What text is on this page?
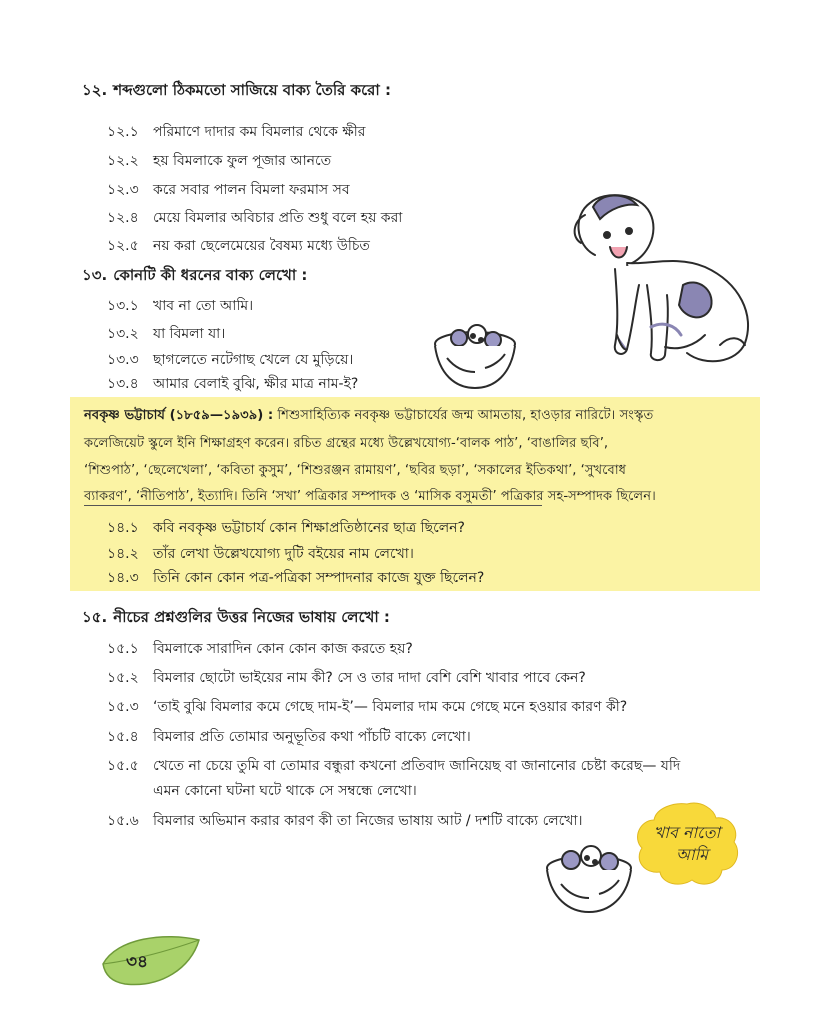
১২. শব্দগুলো ঠিকমতো সাজিয়ে বাক্য তৈরি করো :
১২.১ পরিমাণে দাদার কম বিমলার থেকে ক্ষীর
১২.২ হয় বিমলাকে ফুল পূজার আনতে
১২.৩ করে সবার পালন বিমলা ফরমাস সব
১২.৪ মেয়ে বিমলার অবিচার প্রতি শুধু বলে হয় করা
১২.৫ নয় করা ছেলেমেয়ের বৈষম্য মধ্যে উচিত
১৩. কোনটি কী ধরনের বাক্য লেখো :
১৩.১ খাব না তো আমি।
১৩.২ যা বিমলা যা।
১৩.৩ ছাগলেতে নটেগাছ খেলে যে মুড়িয়ে।
১৩.৪ আমার বেলাই বুঝি, ক্ষীর মাত্র নাম-ই?
নবকৃষ্ণ ভট্টাচার্য (১৮৫৯—১৯৩৯) : শিশুসাহিত্যিক নবকৃষ্ণ ভট্টাচার্যের জন্ম আমতায়, হাওড়ার নারিটে। সংস্কৃত
কলেজিয়েট স্কুলে ইনি শিক্ষাগ্রহণ করেন। রচিত গ্রন্থের মধ্যে উল্লেখযোগ্য-‘বালক পাঠ’, ‘বাঙালির ছবি’,
‘শিশুপাঠ’, ‘ছেলেখেলা’, ‘কবিতা কুসুম’, ‘শিশুরঞ্জন রামায়ণ’, ‘ছবির ছড়া’, ‘সকালের ইতিকথা’, ‘সুখবোধ
ব্যাকরণ’, ‘নীতিপাঠ’, ইত্যাদি। তিনি ‘সখা’ পত্রিকার সম্পাদক ও ‘মাসিক বসুমতী’ পত্রিকার সহ-সম্পাদক ছিলেন।
১৪.১ কবি নবকৃষ্ণ ভট্টাচার্য কোন শিক্ষাপ্রতিষ্ঠানের ছাত্র ছিলেন?
১৪.২ তাঁর লেখা উল্লেখযোগ্য দুটি বইয়ের নাম লেখো।
১৪.৩ তিনি কোন কোন পত্র-পত্রিকা সম্পাদনার কাজে যুক্ত ছিলেন?
১৫. নীচের প্রশ্নগুলির উত্তর নিজের ভাষায় লেখো :
১৫.১ বিমলাকে সারাদিন কোন কোন কাজ করতে হয়?
১৫.২ বিমলার ছোটো ভাইয়ের নাম কী? সে ও তার দাদা বেশি বেশি খাবার পাবে কেন?
১৫.৩ ‘তাই বুঝি বিমলার কমে গেছে দাম-ই’— বিমলার দাম কমে গেছে মনে হওয়ার কারণ কী?
১৫.৪ বিমলার প্রতি তোমার অনুভূতির কথা পাঁচটি বাক্যে লেখো।
১৫.৫ খেতে না চেয়ে তুমি বা তোমার বন্ধুরা কখনো প্রতিবাদ জানিয়েছ বা জানানোর চেষ্টা করেছ— যদি
এমন কোনো ঘটনা ঘটে থাকে সে সম্বন্ধে লেখো।
১৫.৬ বিমলার অভিমান করার কারণ কী তা নিজের ভাষায় আট / দশটি বাক্যে লেখো।
খাব নাতো
আমি
৩৪
